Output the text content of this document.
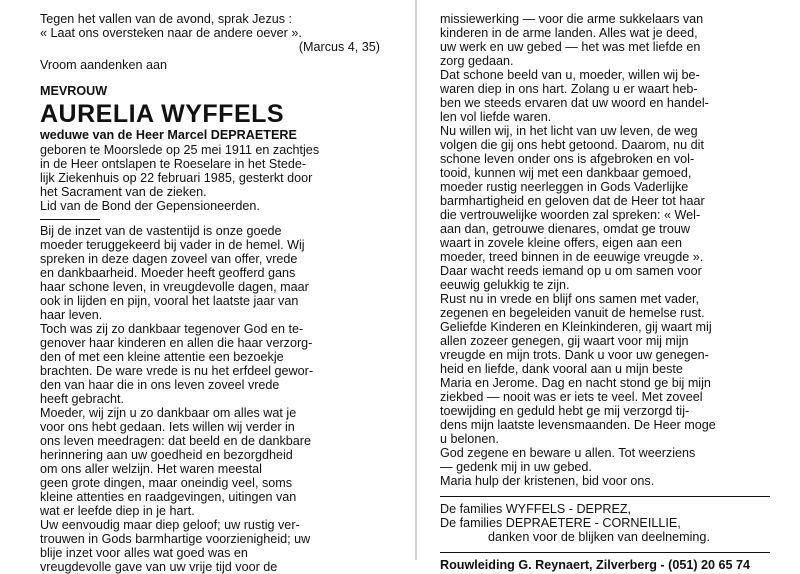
Tegen het vallen van de avond, sprak Jezus :
« Laat ons oversteken naar de andere oever ».
(Marcus 4, 35)
Vroom aandenken aan
MEVROUW
AURELIA WYFFELS
weduwe van de Heer Marcel DEPRAETERE
geboren te Moorslede op 25 mei 1911 en zachtjes
in de Heer ontslapen te Roeselare in het Stede-
lijk Ziekenhuis op 22 februari 1985, gesterkt door
het Sacrament van de zieken.
Lid van de Bond der Gepensioneerden.
Bij de inzet van de vastentijd is onze goede
moeder teruggekeerd bij vader in de hemel. Wij
spreken in deze dagen zoveel van offer, vrede
en dankbaarheid. Moeder heeft geofferd gans
haar schone leven, in vreugdevolle dagen, maar
ook in lijden en pijn, vooral het laatste jaar van
haar leven.
Toch was zij zo dankbaar tegenover God en te-
genover haar kinderen en allen die haar verzorg-
den of met een kleine attentie een bezoekje
brachten. De ware vrede is nu het erfdeel gewor-
den van haar die in ons leven zoveel vrede
heeft gebracht.
Moeder, wij zijn u zo dankbaar om alles wat je
voor ons hebt gedaan. Iets willen wij verder in
ons leven meedragen: dat beeld en de dankbare
herinnering aan uw goedheid en bezorgdheid
om ons aller welzijn. Het waren meestal
geen grote dingen, maar oneindig veel, soms
kleine attenties en raadgevingen, uitingen van
wat er leefde diep in je hart.
Uw eenvoudig maar diep geloof; uw rustig ver-
trouwen in Gods barmhartige voorzienigheid; uw
blije inzet voor alles wat goed was en
vreugdevolle gave van uw vrije tijd voor de
missiewerking — voor die arme sukkelaars van
kinderen in de arme landen. Alles wat je deed,
uw werk en uw gebed — het was met liefde en
zorg gedaan.
Dat schone beeld van u, moeder, willen wij be-
waren diep in ons hart. Zolang u er waart heb-
ben we steeds ervaren dat uw woord en handel-
len vol liefde waren.
Nu willen wij, in het licht van uw leven, de weg
volgen die gij ons hebt getoond. Daarom, nu dit
schone leven onder ons is afgebroken en vol-
tooid, kunnen wij met een dankbaar gemoed,
moeder rustig neerleggen in Gods Vaderlijke
barmhartigheid en geloven dat de Heer tot haar
die vertrouwelijke woorden zal spreken: « Wel-
aan dan, getrouwe dienares, omdat ge trouw
waart in zovele kleine offers, eigen aan een
moeder, treed binnen in de eeuwige vreugde ».
Daar wacht reeds iemand op u om samen voor
eeuwig gelukkig te zijn.
Rust nu in vrede en blijf ons samen met vader,
zegenen en begeleiden vanuit de hemelse rust.
Geliefde Kinderen en Kleinkinderen, gij waart mij
allen zozeer genegen, gij waart voor mij mijn
vreugde en mijn trots. Dank u voor uw genegen-
heid en liefde, dank vooral aan u mijn beste
Maria en Jerome. Dag en nacht stond ge bij mijn
ziekbed — nooit was er iets te veel. Met zoveel
toewijding en geduld hebt ge mij verzorgd tij-
dens mijn laatste levensmaanden. De Heer moge
u belonen.
God zegene en beware u allen. Tot weerziens
— gedenk mij in uw gebed.
Maria hulp der kristenen, bid voor ons.
De families WYFFELS - DEPREZ,
De families DEPRAETERE - CORNEILLIE,
danken voor de blijken van deelneming.
Rouwleiding G. Reynaert, Zilverberg - (051) 20 65 74
